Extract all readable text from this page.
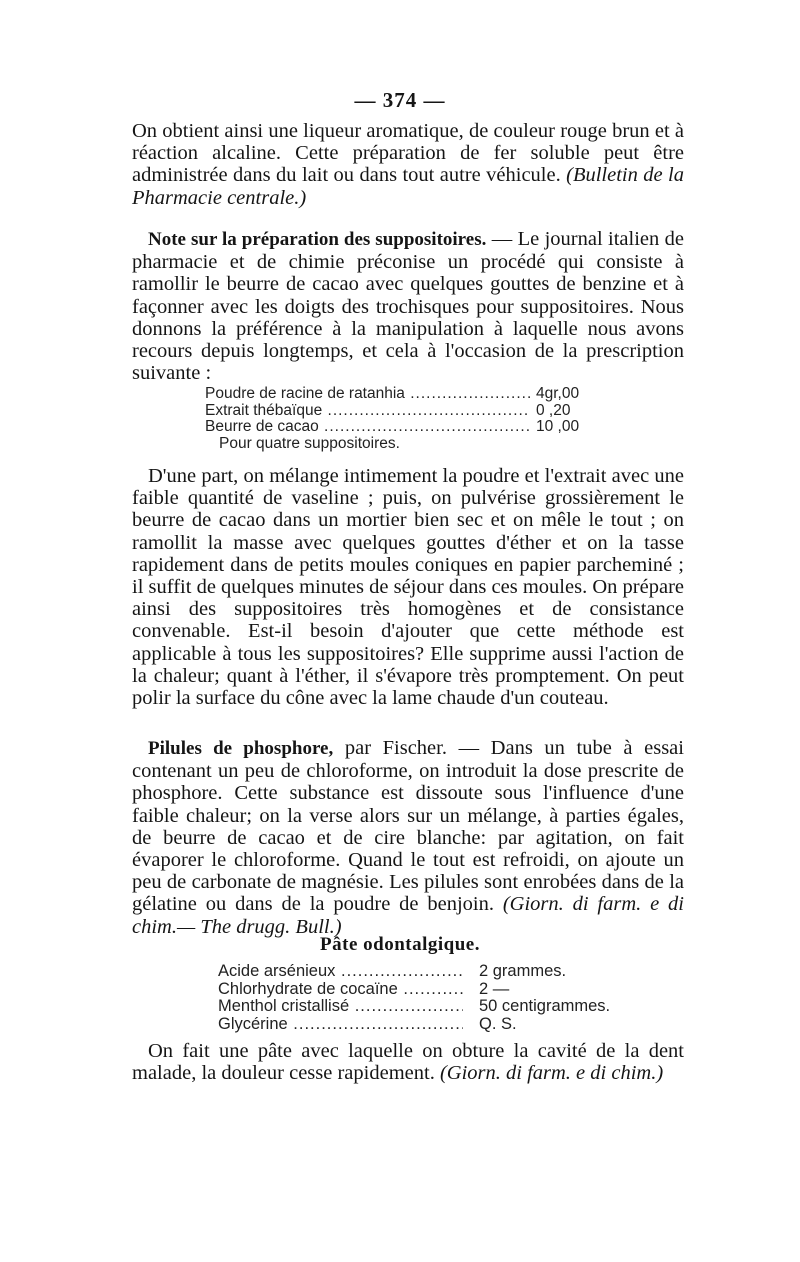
— 374 —

On obtient ainsi une liqueur aromatique, de couleur rouge brun et à réaction alcaline. Cette préparation de fer soluble peut être administrée dans du lait ou dans tout autre véhicule. (Bulletin de la Pharmacie centrale.)

Note sur la préparation des suppositoires. — Le journal italien de pharmacie et de chimie préconise un procédé qui consiste à ramollir le beurre de cacao avec quelques gouttes de benzine et à façonner avec les doigts des trochisques pour suppositoires. Nous donnons la préférence à la manipulation à laquelle nous avons recours depuis longtemps, et cela à l'occasion de la prescription suivante :

Poudre de racine de ratanhia .....	4gr,00
Extrait thébaïque .....	0 ,20
Beurre de cacao .....	10 ,00
Pour quatre suppositoires.

D'une part, on mélange intimement la poudre et l'extrait avec une faible quantité de vaseline ; puis, on pulvérise grossièrement le beurre de cacao dans un mortier bien sec et on mêle le tout ; on ramollit la masse avec quelques gouttes d'éther et on la tasse rapidement dans de petits moules coniques en papier parcheminé ; il suffit de quelques minutes de séjour dans ces moules. On prépare ainsi des suppositoires très homogènes et de consistance convenable. Est-il besoin d'ajouter que cette méthode est applicable à tous les suppositoires? Elle supprime aussi l'action de la chaleur; quant à l'éther, il s'évapore très promptement. On peut polir la surface du cône avec la lame chaude d'un couteau.

Pilules de phosphore, par Fischer. — Dans un tube à essai contenant un peu de chloroforme, on introduit la dose prescrite de phosphore. Cette substance est dissoute sous l'influence d'une faible chaleur; on la verse alors sur un mélange, à parties égales, de beurre de cacao et de cire blanche: par agitation, on fait évaporer le chloroforme. Quand le tout est refroidi, on ajoute un peu de carbonate de magnésie. Les pilules sont enrobées dans de la gélatine ou dans de la poudre de benjoin. (Giorn. di farm. e di chim.— The drugg. Bull.)

Pâte odontalgique.
Acide arsénieux .....	2 grammes.
Chlorhydrate de cocaïne .....	2 —
Menthol cristallisé .....	50 centigrammes.
Glycérine .....	Q. S.

On fait une pâte avec laquelle on obture la cavité de la dent malade, la douleur cesse rapidement. (Giorn. di farm. e di chim.)
